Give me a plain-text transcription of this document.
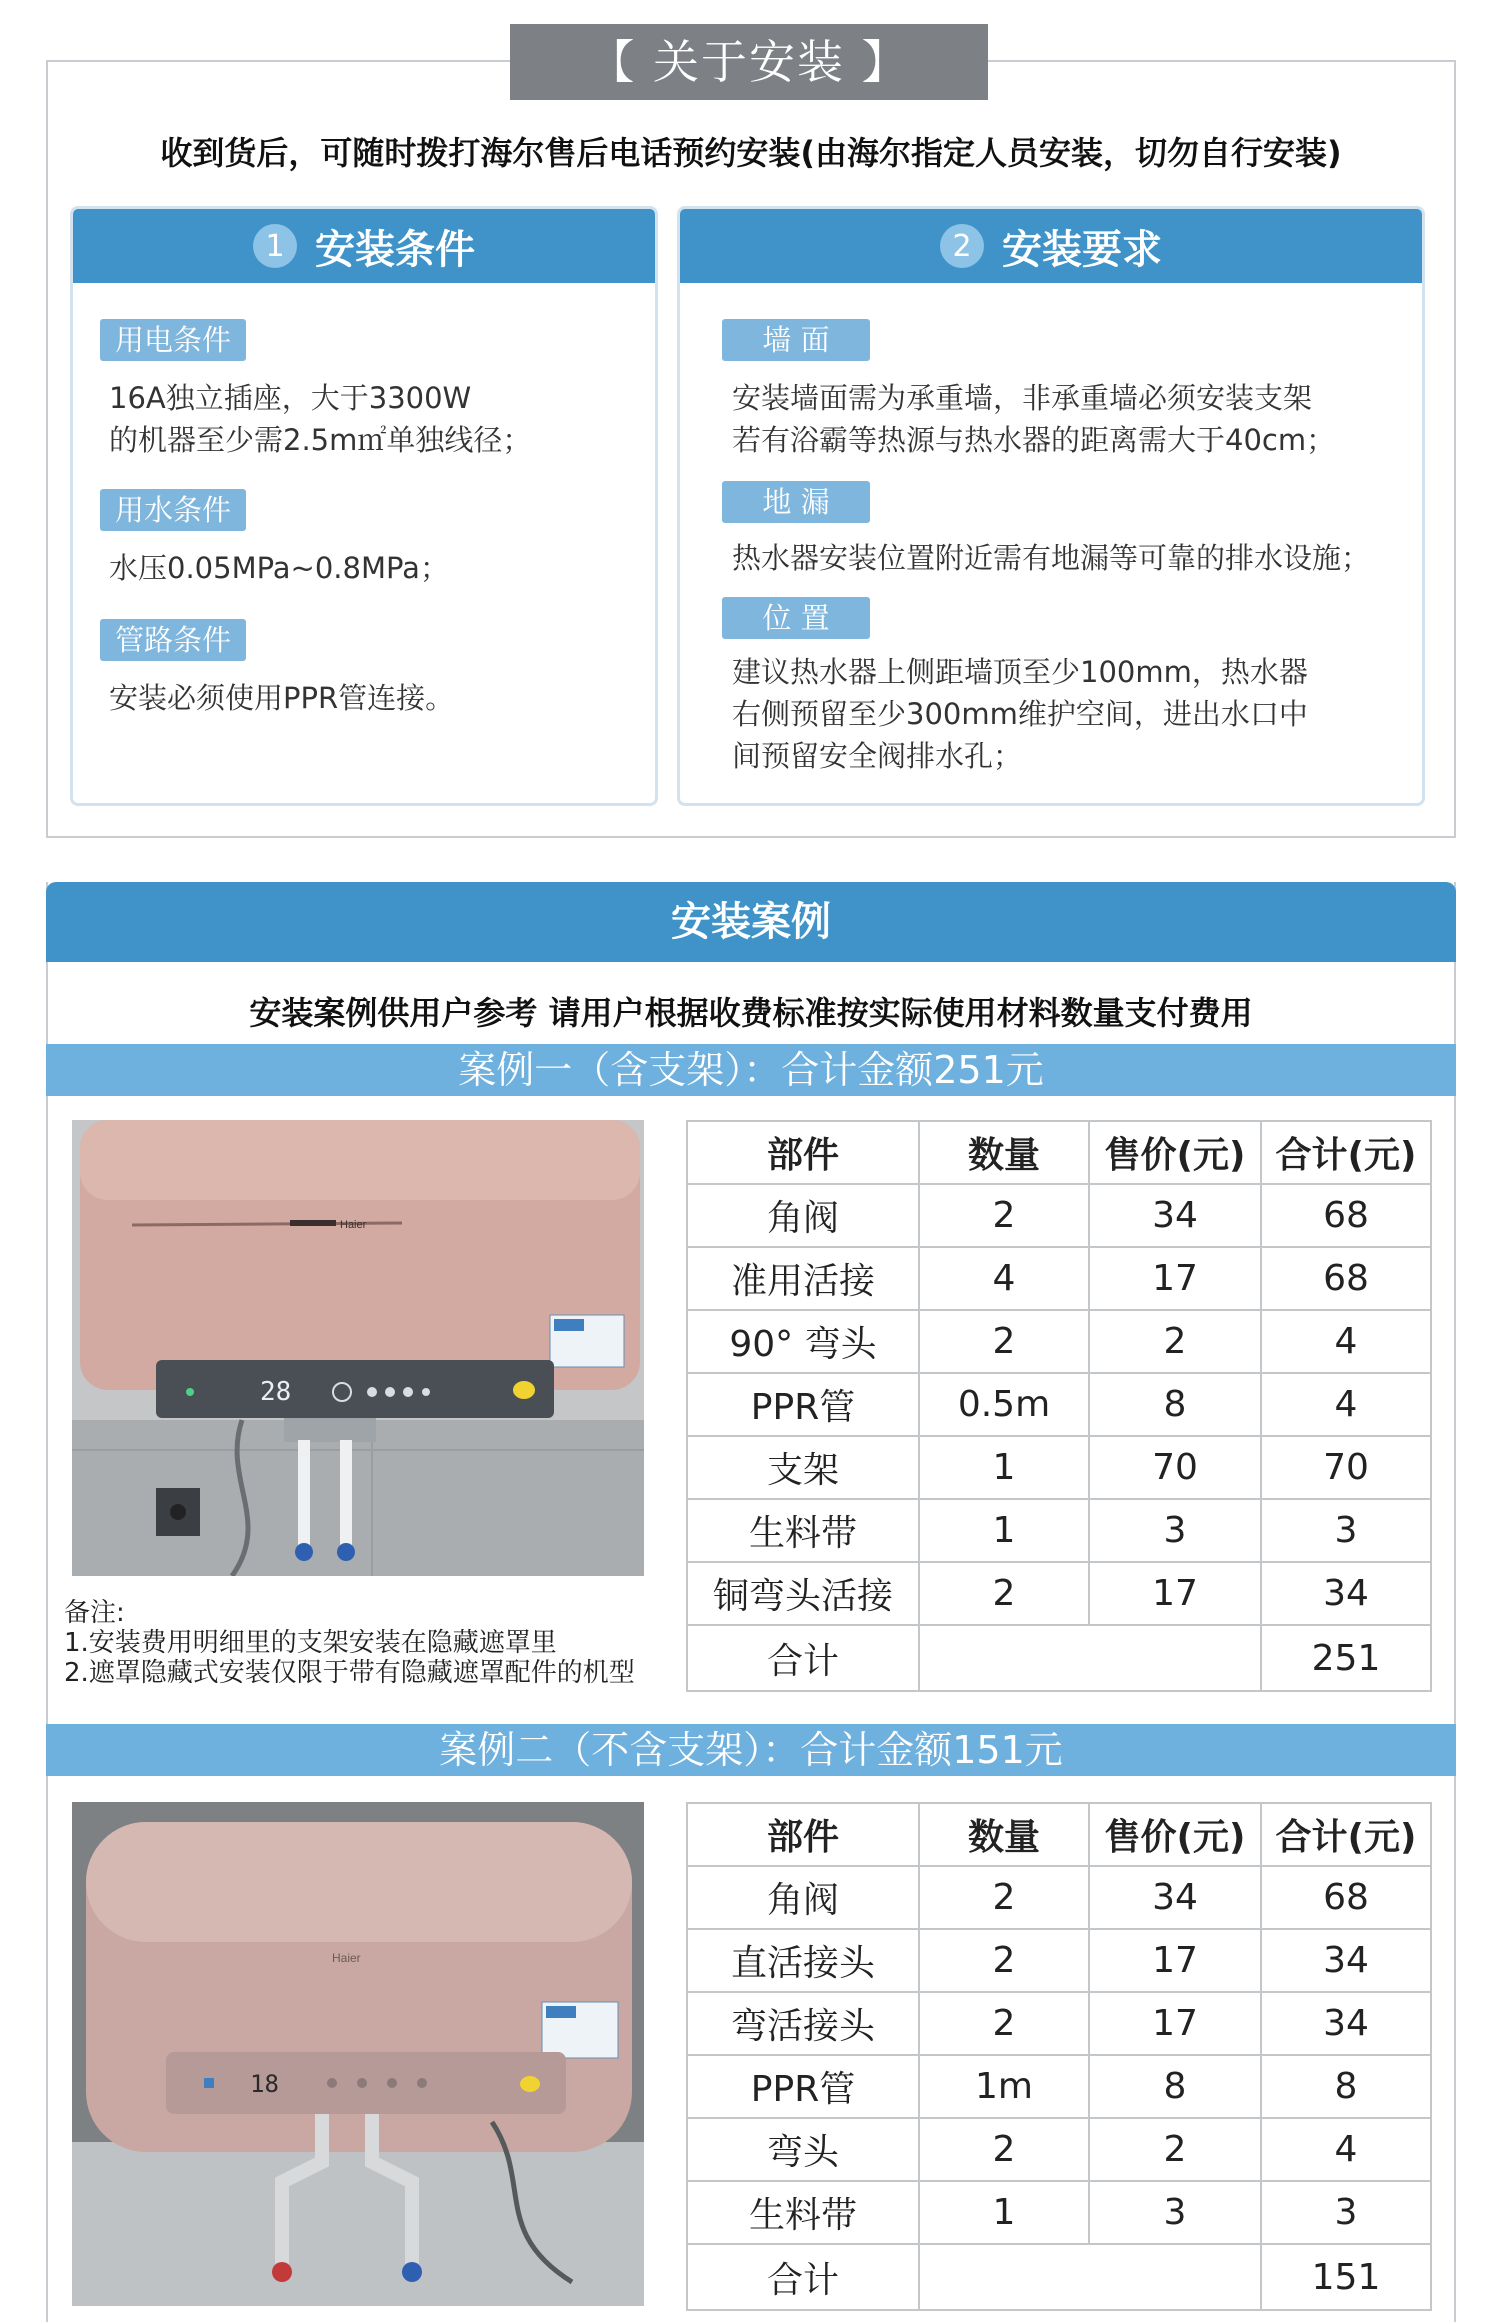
【 关于安装 】
收到货后，可随时拨打海尔售后电话预约安装(由海尔指定人员安装，切勿自行安装)
1 安装条件
用电条件
16A独立插座，大于3300W
的机器至少需2.5m㎡单独线径；
用水条件
水压0.05MPa~0.8MPa；
管路条件
安装必须使用PPR管连接。
2 安装要求
墙 面
安装墙面需为承重墙，非承重墙必须安装支架
若有浴霸等热源与热水器的距离需大于40cm；
地 漏
热水器安装位置附近需有地漏等可靠的排水设施；
位 置
建议热水器上侧距墙顶至少100mm，热水器
右侧预留至少300mm维护空间，进出水口中
间预留安全阀排水孔；
安装案例
安装案例供用户参考 请用户根据收费标准按实际使用材料数量支付费用
案例一（含支架）：合计金额251元
Haier
28
部件	数量	售价(元)	合计(元)
角阀	2	34	68
准用活接	4	17	68
90° 弯头	2	2	4
PPR管	0.5m	8	4
支架	1	70	70
生料带	1	3	3
铜弯头活接	2	17	34
合计			251
备注:
1.安装费用明细里的支架安装在隐藏遮罩里
2.遮罩隐藏式安装仅限于带有隐藏遮罩配件的机型
案例二（不含支架）：合计金额151元
Haier
18
部件	数量	售价(元)	合计(元)
角阀	2	34	68
直活接头	2	17	34
弯活接头	2	17	34
PPR管	1m	8	8
弯头	2	2	4
生料带	1	3	3
合计			151
